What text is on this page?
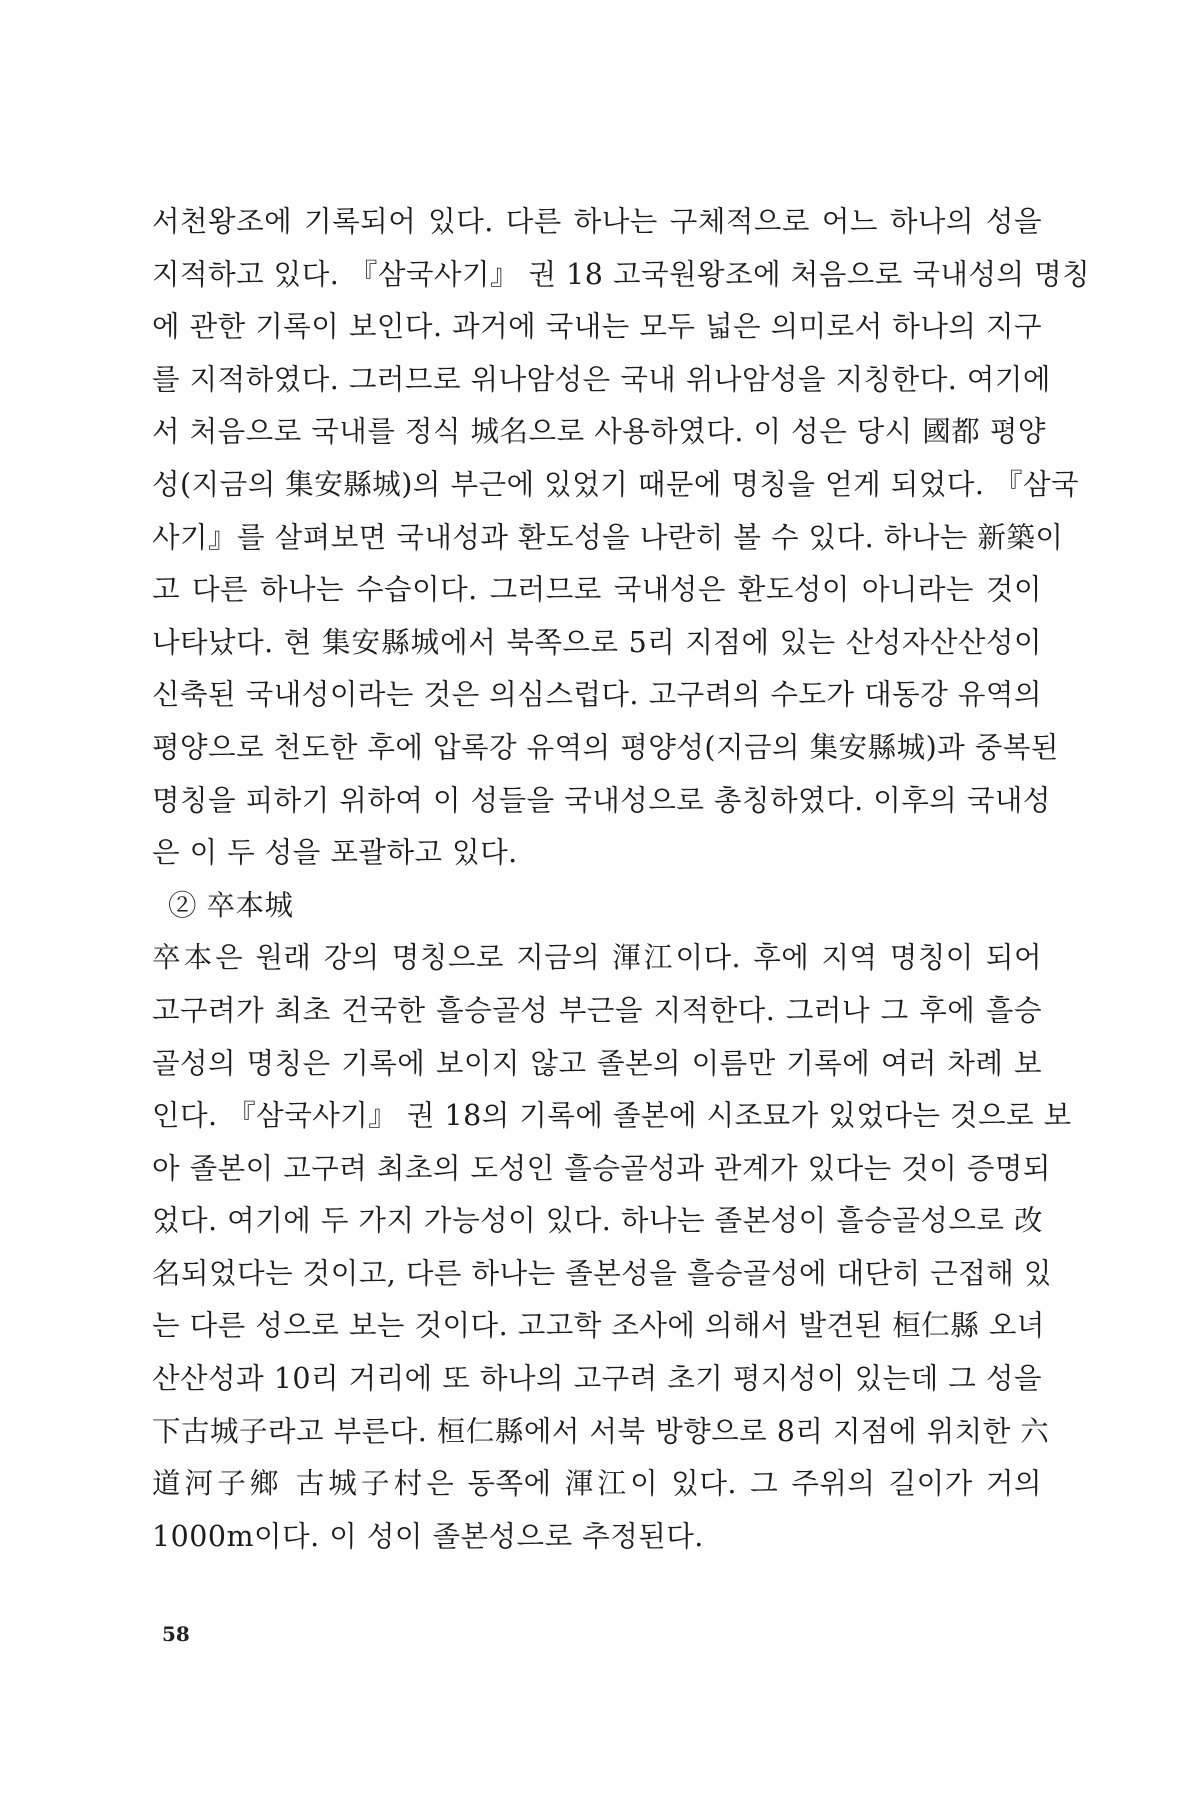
서천왕조에 기록되어 있다. 다른 하나는 구체적으로 어느 하나의 성을
지적하고 있다. 『삼국사기』 권 18 고국원왕조에 처음으로 국내성의 명칭
에 관한 기록이 보인다. 과거에 국내는 모두 넓은 의미로서 하나의 지구
를 지적하였다. 그러므로 위나암성은 국내 위나암성을 지칭한다. 여기에
서 처음으로 국내를 정식 城名으로 사용하였다. 이 성은 당시 國都 평양
성(지금의 集安縣城)의 부근에 있었기 때문에 명칭을 얻게 되었다. 『삼국
사기』를 살펴보면 국내성과 환도성을 나란히 볼 수 있다. 하나는 新築이
고 다른 하나는 수습이다. 그러므로 국내성은 환도성이 아니라는 것이
나타났다. 현 集安縣城에서 북쪽으로 5리 지점에 있는 산성자산산성이
신축된 국내성이라는 것은 의심스럽다. 고구려의 수도가 대동강 유역의
평양으로 천도한 후에 압록강 유역의 평양성(지금의 集安縣城)과 중복된
명칭을 피하기 위하여 이 성들을 국내성으로 총칭하였다. 이후의 국내성
은 이 두 성을 포괄하고 있다.
② 卒本城
卒本은 원래 강의 명칭으로 지금의 渾江이다. 후에 지역 명칭이 되어
고구려가 최초 건국한 흘승골성 부근을 지적한다. 그러나 그 후에 흘승
골성의 명칭은 기록에 보이지 않고 졸본의 이름만 기록에 여러 차례 보
인다. 『삼국사기』 권 18의 기록에 졸본에 시조묘가 있었다는 것으로 보
아 졸본이 고구려 최초의 도성인 흘승골성과 관계가 있다는 것이 증명되
었다. 여기에 두 가지 가능성이 있다. 하나는 졸본성이 흘승골성으로 改
名되었다는 것이고, 다른 하나는 졸본성을 흘승골성에 대단히 근접해 있
는 다른 성으로 보는 것이다. 고고학 조사에 의해서 발견된 桓仁縣 오녀
산산성과 10리 거리에 또 하나의 고구려 초기 평지성이 있는데 그 성을
下古城子라고 부른다. 桓仁縣에서 서북 방향으로 8리 지점에 위치한 六
道河子鄉 古城子村은 동쪽에 渾江이 있다. 그 주위의 길이가 거의
1000m이다. 이 성이 졸본성으로 추정된다.
58
